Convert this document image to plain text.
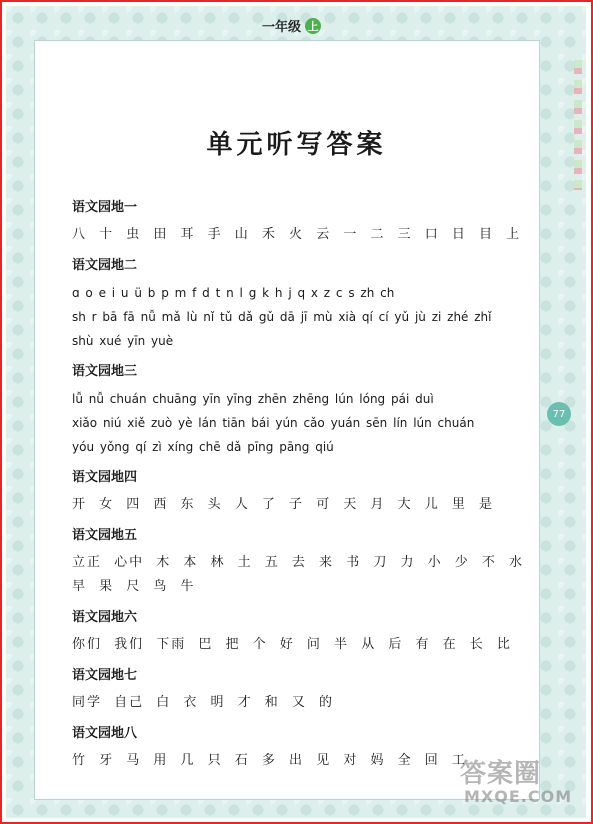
一年级 上
77
单元听写答案
语文园地一
八 十 虫 田 耳 手 山 禾 火 云 一 二 三 口 日 目 上
语文园地二
ɑ o e i u ü b p m f d t n l g k h j q x z c s zh ch
sh r bā fā nǚ mǎ lù nǐ tǔ dǎ gǔ dā jī mù xià qí cí yǔ jù zi zhé zhǐ
shù xué yīn yuè
语文园地三
lǚ nǚ chuán chuāng yīn yīng zhēn zhēng lún lóng pái duì
xiǎo niú xiě zuò yè lán tiān bái yún cǎo yuán sēn lín lún chuán
yóu yǒng qí zì xíng chē dǎ pīng pāng qiú
语文园地四
开 女 四 西 东 头 人 了 子 可 天 月 大 儿 里 是
语文园地五
立正 心中 木 本 林 土 五 去 来 书 刀 力 小 少 不 水
早 果 尺 鸟 牛
语文园地六
你们 我们 下雨 巴 把 个 好 问 半 从 后 有 在 长 比
语文园地七
同学 自己 白 衣 明 才 和 又 的
语文园地八
竹 牙 马 用 几 只 石 多 出 见 对 妈 全 回 工
答案圈
MXQE.COM
